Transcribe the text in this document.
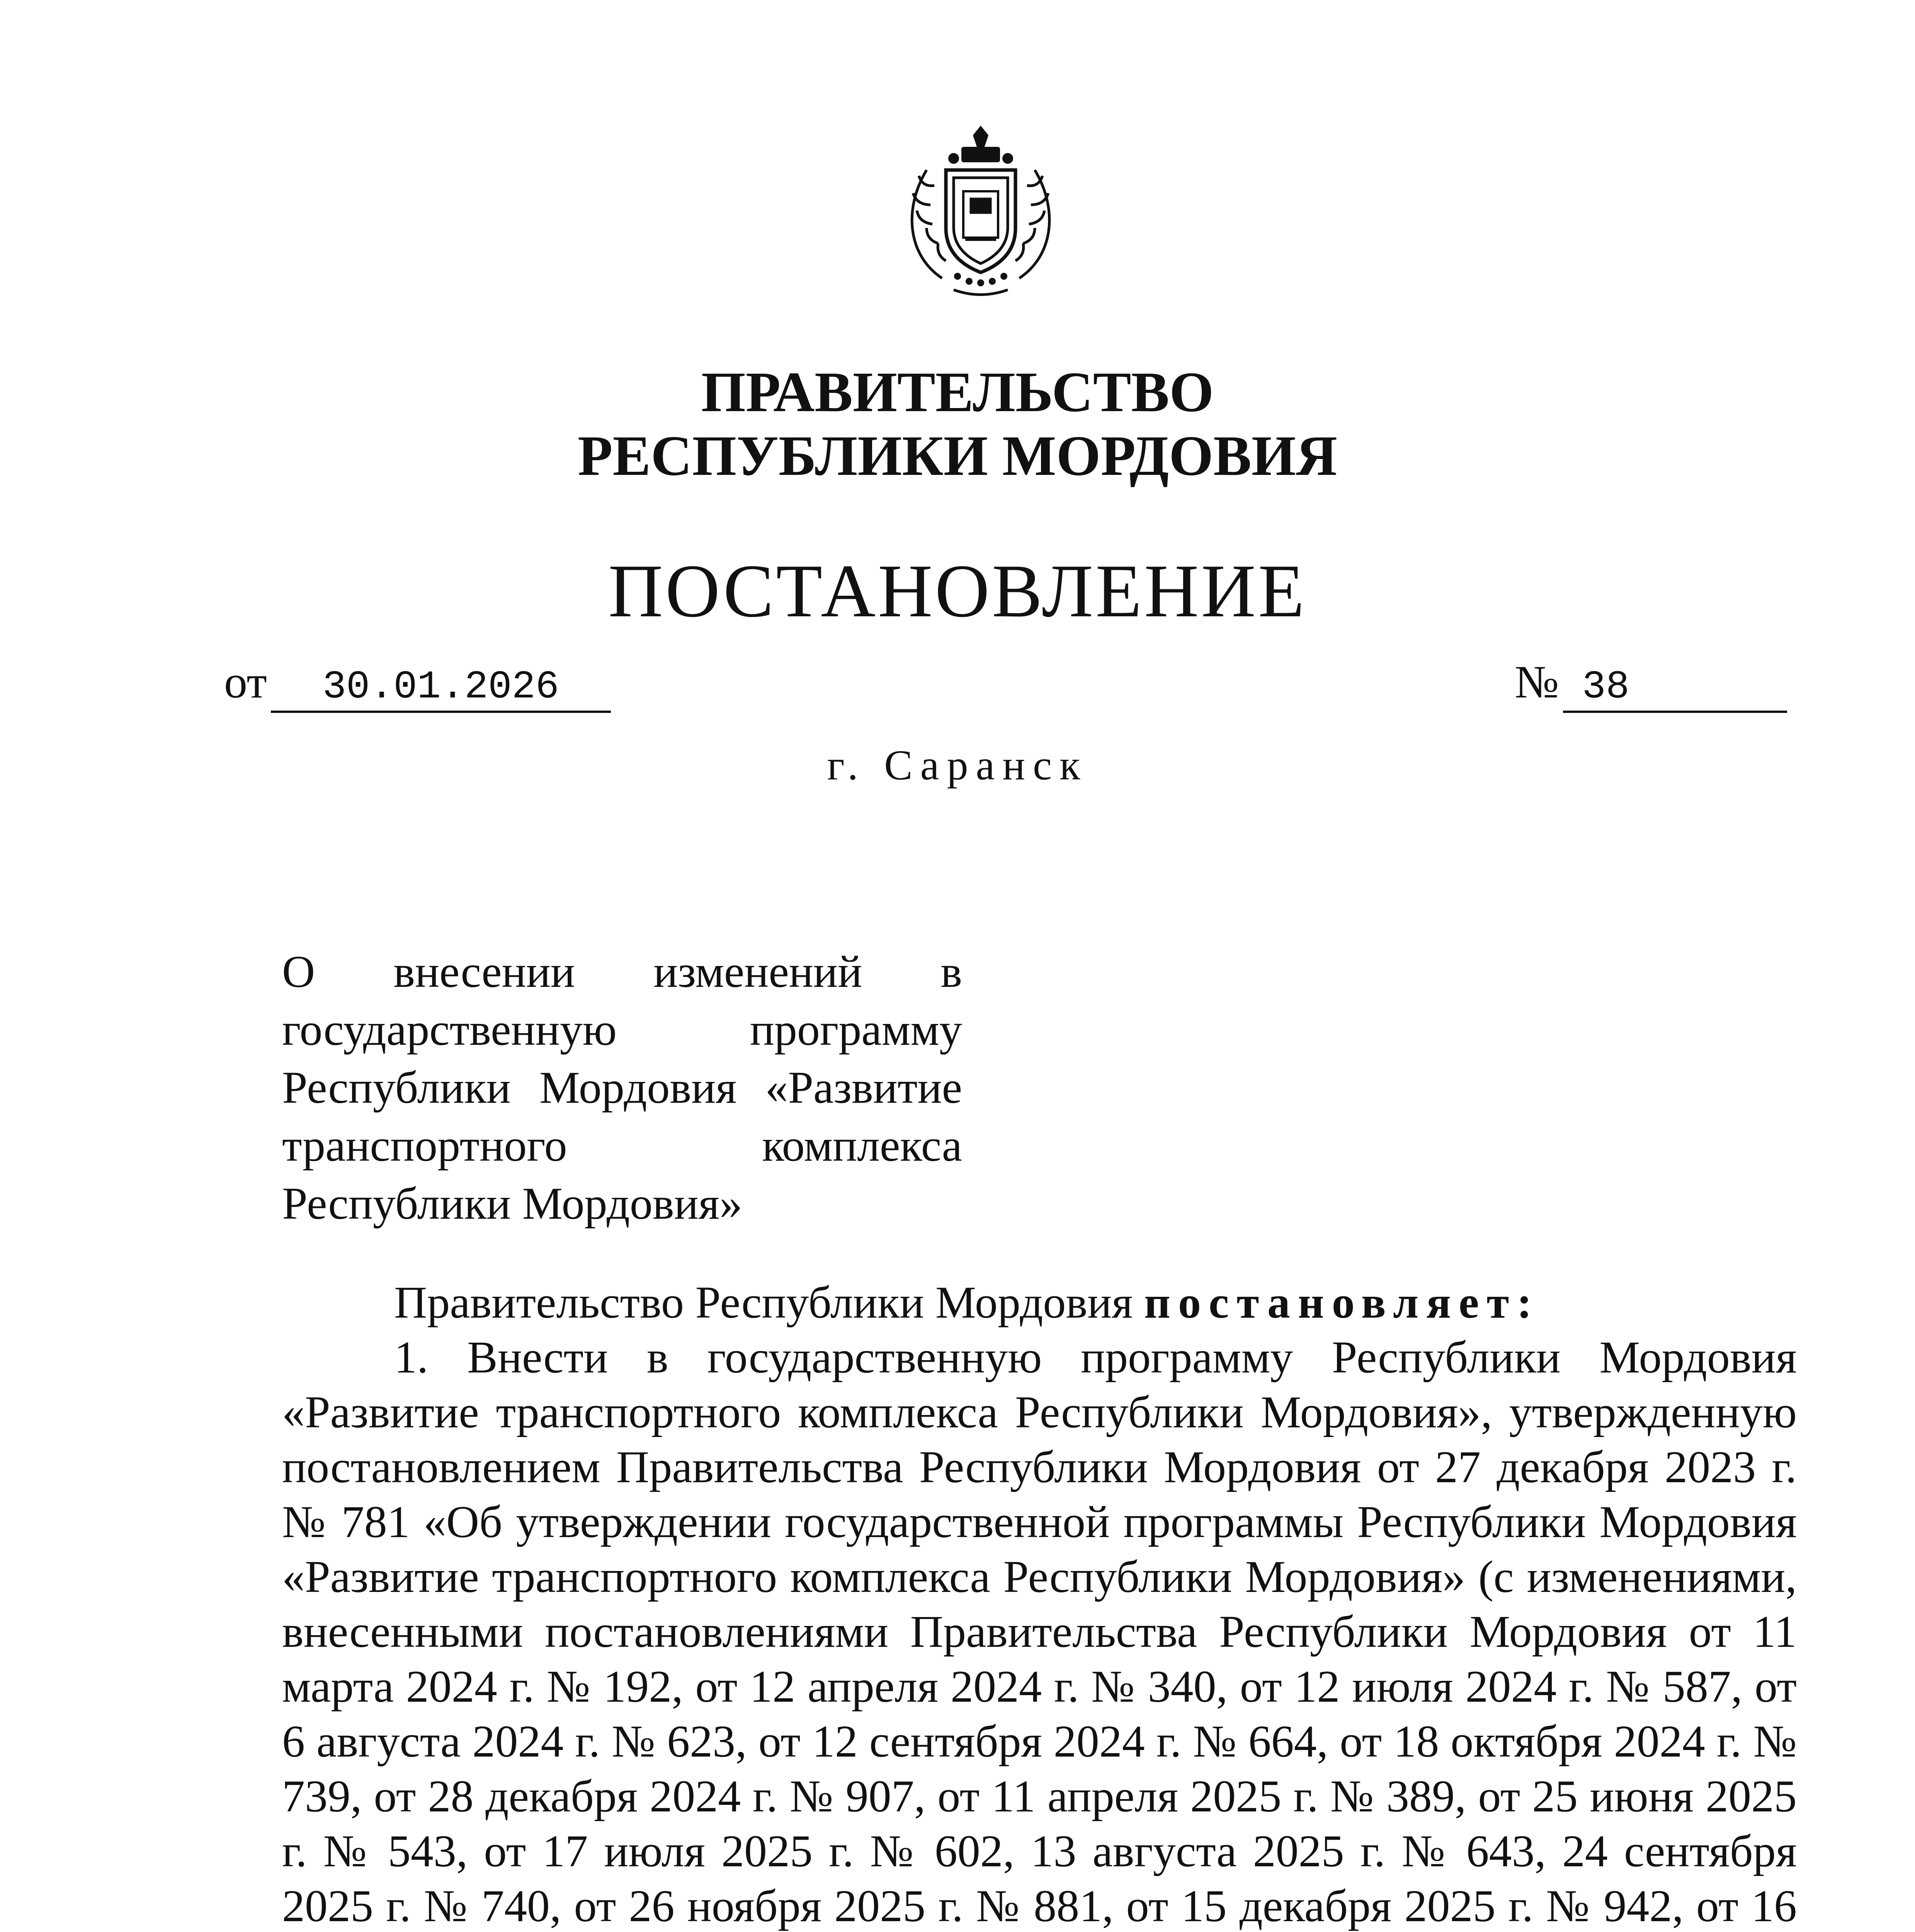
ПРАВИТЕЛЬСТВО
РЕСПУБЛИКИ МОРДОВИЯ
ПОСТАНОВЛЕНИЕ
от 30.01.2026	№ 38
г. Саранск
О внесении изменений в
государственную программу
Республики Мордовия «Развитие
транспортного комплекса
Республики Мордовия»

Правительство Республики Мордовия постановляет:

1. Внести в государственную программу Республики Мордовия «Развитие транспортного комплекса Республики Мордовия», утвержденную постановлением Правительства Республики Мордовия от 27 декабря 2023 г. № 781 «Об утверждении государственной программы Республики Мордовия «Развитие транспортного комплекса Республики Мордовия» (с изменениями, внесенными постановлениями Правительства Республики Мордовия от 11 марта 2024 г. № 192, от 12 апреля 2024 г. № 340, от 12 июля 2024 г. № 587, от 6 августа 2024 г. № 623, от 12 сентября 2024 г. № 664, от 18 октября 2024 г. № 739, от 28 декабря 2024 г. № 907, от 11 апреля 2025 г. № 389, от 25 июня 2025 г. № 543, от 17 июля 2025 г. № 602, 13 августа 2025 г. № 643, 24 сентября 2025 г. № 740, от 26 ноября 2025 г. № 881, от 15 декабря 2025 г. № 942, от 16
